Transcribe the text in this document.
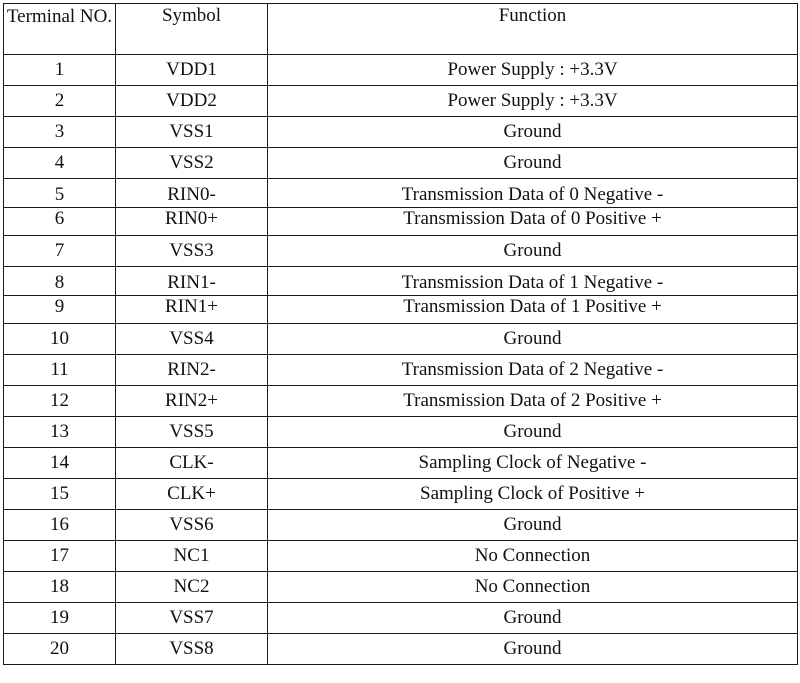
Terminal NO.	Symbol	Function
1	VDD1	Power Supply : +3.3V
2	VDD2	Power Supply : +3.3V
3	VSS1	Ground
4	VSS2	Ground
5	RIN0-	Transmission Data of 0 Negative -
6	RIN0+	Transmission Data of 0 Positive +
7	VSS3	Ground
8	RIN1-	Transmission Data of 1 Negative -
9	RIN1+	Transmission Data of 1 Positive +
10	VSS4	Ground
11	RIN2-	Transmission Data of 2 Negative -
12	RIN2+	Transmission Data of 2 Positive +
13	VSS5	Ground
14	CLK-	Sampling Clock of Negative -
15	CLK+	Sampling Clock of Positive +
16	VSS6	Ground
17	NC1	No Connection
18	NC2	No Connection
19	VSS7	Ground
20	VSS8	Ground
